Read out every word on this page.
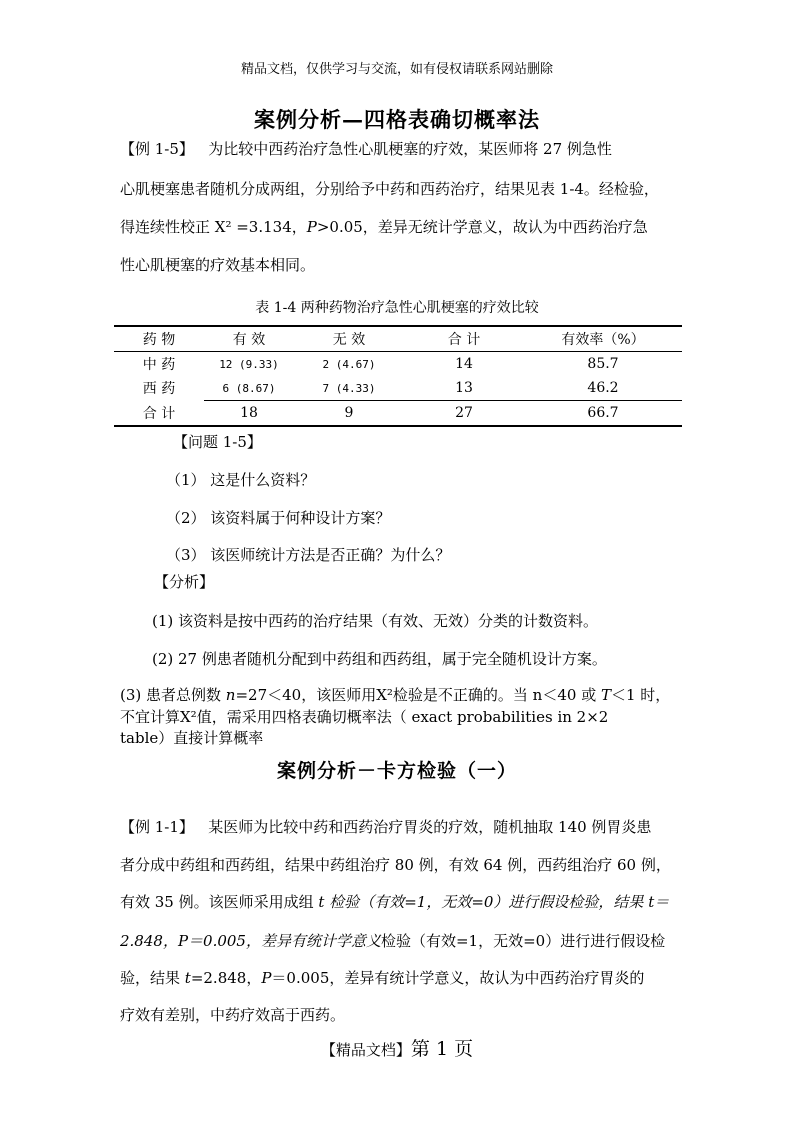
精品文档，仅供学习与交流，如有侵权请联系网站删除
案例分析—四格表确切概率法
【例 1-5】 为比较中西药治疗急性心肌梗塞的疗效，某医师将 27 例急性
心肌梗塞患者随机分成两组，分别给予中药和西药治疗，结果见表 1-4。经检验，
得连续性校正 X² =3.134，P>0.05，差异无统计学意义，故认为中西药治疗急
性心肌梗塞的疗效基本相同。
表 1-4 两种药物治疗急性心肌梗塞的疗效比较
药 物	有 效	无 效	合 计	有效率（%）
中 药	12 (9.33)	2 (4.67)	14	85.7
西 药	6 (8.67)	7 (4.33)	13	46.2
合 计	18	9	27	66.7
【问题 1-5】
（1） 这是什么资料？
（2） 该资料属于何种设计方案？
（3） 该医师统计方法是否正确？为什么？
【分析】
(1) 该资料是按中西药的治疗结果（有效、无效）分类的计数资料。
(2) 27 例患者随机分配到中药组和西药组，属于完全随机设计方案。
(3) 患者总例数 n=27＜40，该医师用X²检验是不正确的。当 n＜40 或 T＜1 时，
不宜计算X²值，需采用四格表确切概率法（ exact probabilities in 2×2
table）直接计算概率
案例分析－卡方检验（一）
【例 1-1】 某医师为比较中药和西药治疗胃炎的疗效，随机抽取 140 例胃炎患
者分成中药组和西药组，结果中药组治疗 80 例，有效 64 例，西药组治疗 60 例，
有效 35 例。该医师采用成组 t 检验（有效=1，无效=0）进行假设检验，结果 t＝
2.848，P＝0.005，差异有统计学意义检验（有效=1，无效=0）进行进行假设检
验，结果 t=2.848，P＝0.005，差异有统计学意义，故认为中西药治疗胃炎的
疗效有差别，中药疗效高于西药。
【精品文档】第 1 页
